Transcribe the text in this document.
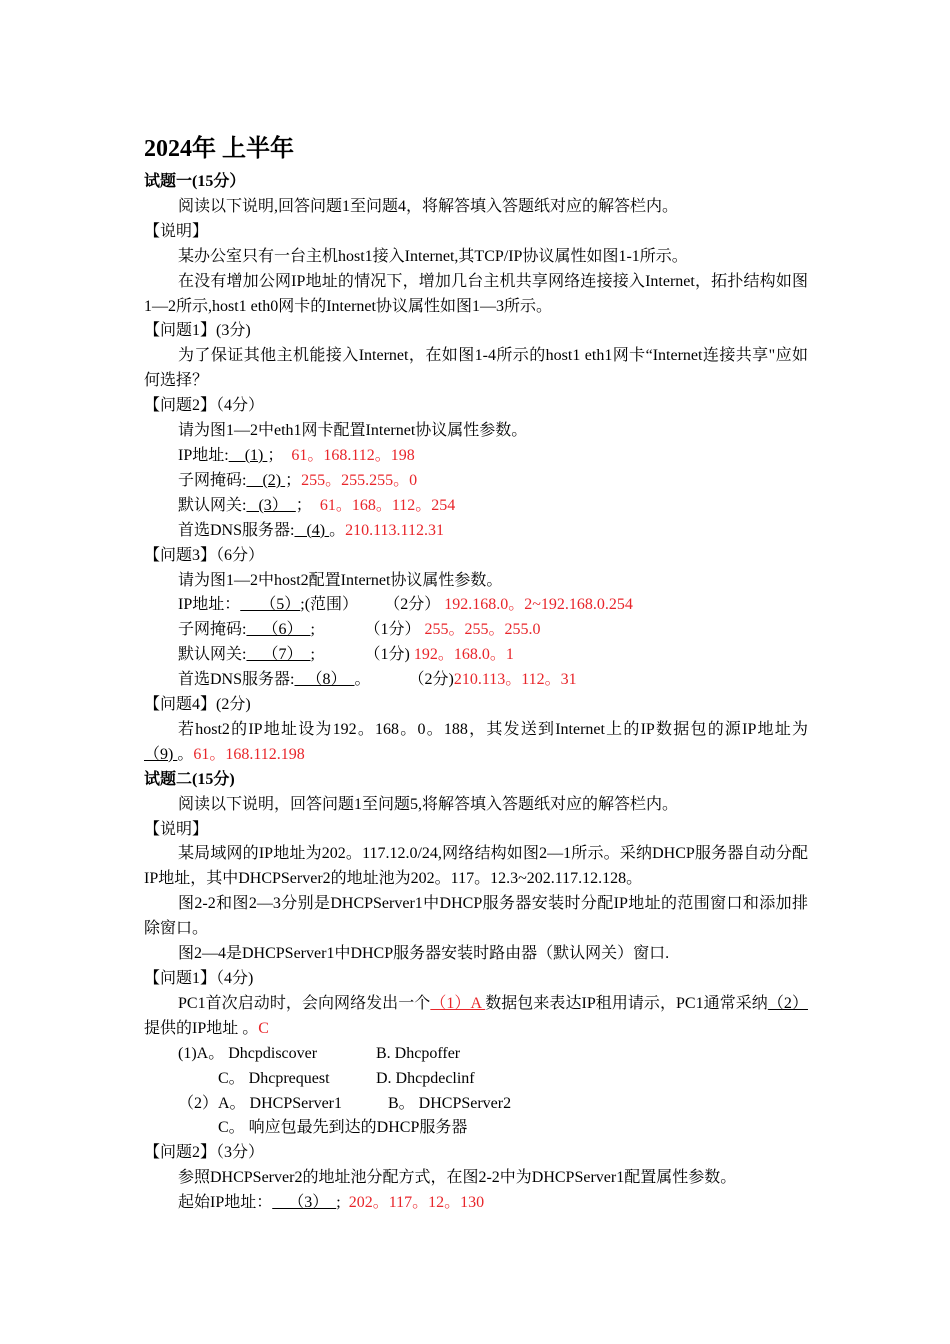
2024年 上半年
试题一(15分）
阅读以下说明,回答问题1至问题4，将解答填入答题纸对应的解答栏内。
【说明】
某办公室只有一台主机host1接入Internet,其TCP/IP协议属性如图1-1所示。
在没有增加公网IP地址的情况下，增加几台主机共享网络连接接入Internet，拓扑结构如图1—2所示,host1 eth0网卡的Internet协议属性如图1—3所示。
【问题1】(3分)
为了保证其他主机能接入Internet，在如图1-4所示的host1 eth1网卡“Internet连接共享"应如何选择？
【问题2】（4分）
请为图1—2中eth1网卡配置Internet协议属性参数。
IP地址:    (1) ；  61。168.112。198
子网掩码:    (2) ；255。255.255。0
默认网关:   (3）  ；  61。168。112。254
首选DNS服务器:   (4) 。210.113.112.31
【问题3】（6分）
请为图1—2中host2配置Internet协议属性参数。
IP地址：     （5）;(范围） （2分） 192.168.0。2~192.168.0.254
子网掩码:    （6）  ;	（1分） 255。255。255.0
默认网关:    （7）  ;	（1分) 192。168.0。1
首选DNS服务器:   （8）  。 （2分)210.113。112。31
【问题4】(2分)
若host2的IP地址设为192。168。0。188，其发送到Internet上的IP数据包的源IP地址为（9) 。61。168.112.198
试题二(15分)
阅读以下说明，回答问题1至问题5,将解答填入答题纸对应的解答栏内。
【说明】
某局域网的IP地址为202。117.12.0/24,网络结构如图2—1所示。采纳DHCP服务器自动分配IP地址，其中DHCPServer2的地址池为202。117。12.3~202.117.12.128。
图2-2和图2—3分别是DHCPServer1中DHCP服务器安装时分配IP地址的范围窗口和添加排除窗口。
图2—4是DHCPServer1中DHCP服务器安装时路由器（默认网关）窗口.
【问题1】（4分)
PC1首次启动时，会向网络发出一个（1）A 数据包来表达IP租用请示，PC1通常采纳（2）提供的IP地址 。C
(1)A。 Dhcpdiscover	B. Dhcpoffer
C。 Dhcprequest	D. Dhcpdeclinf
（2）A。 DHCPServer1	B。 DHCPServer2
C。 响应包最先到达的DHCP服务器
【问题2】（3分）
参照DHCPServer2的地址池分配方式，在图2-2中为DHCPServer1配置属性参数。
起始IP地址：    （3）  ;  202。117。12。130
